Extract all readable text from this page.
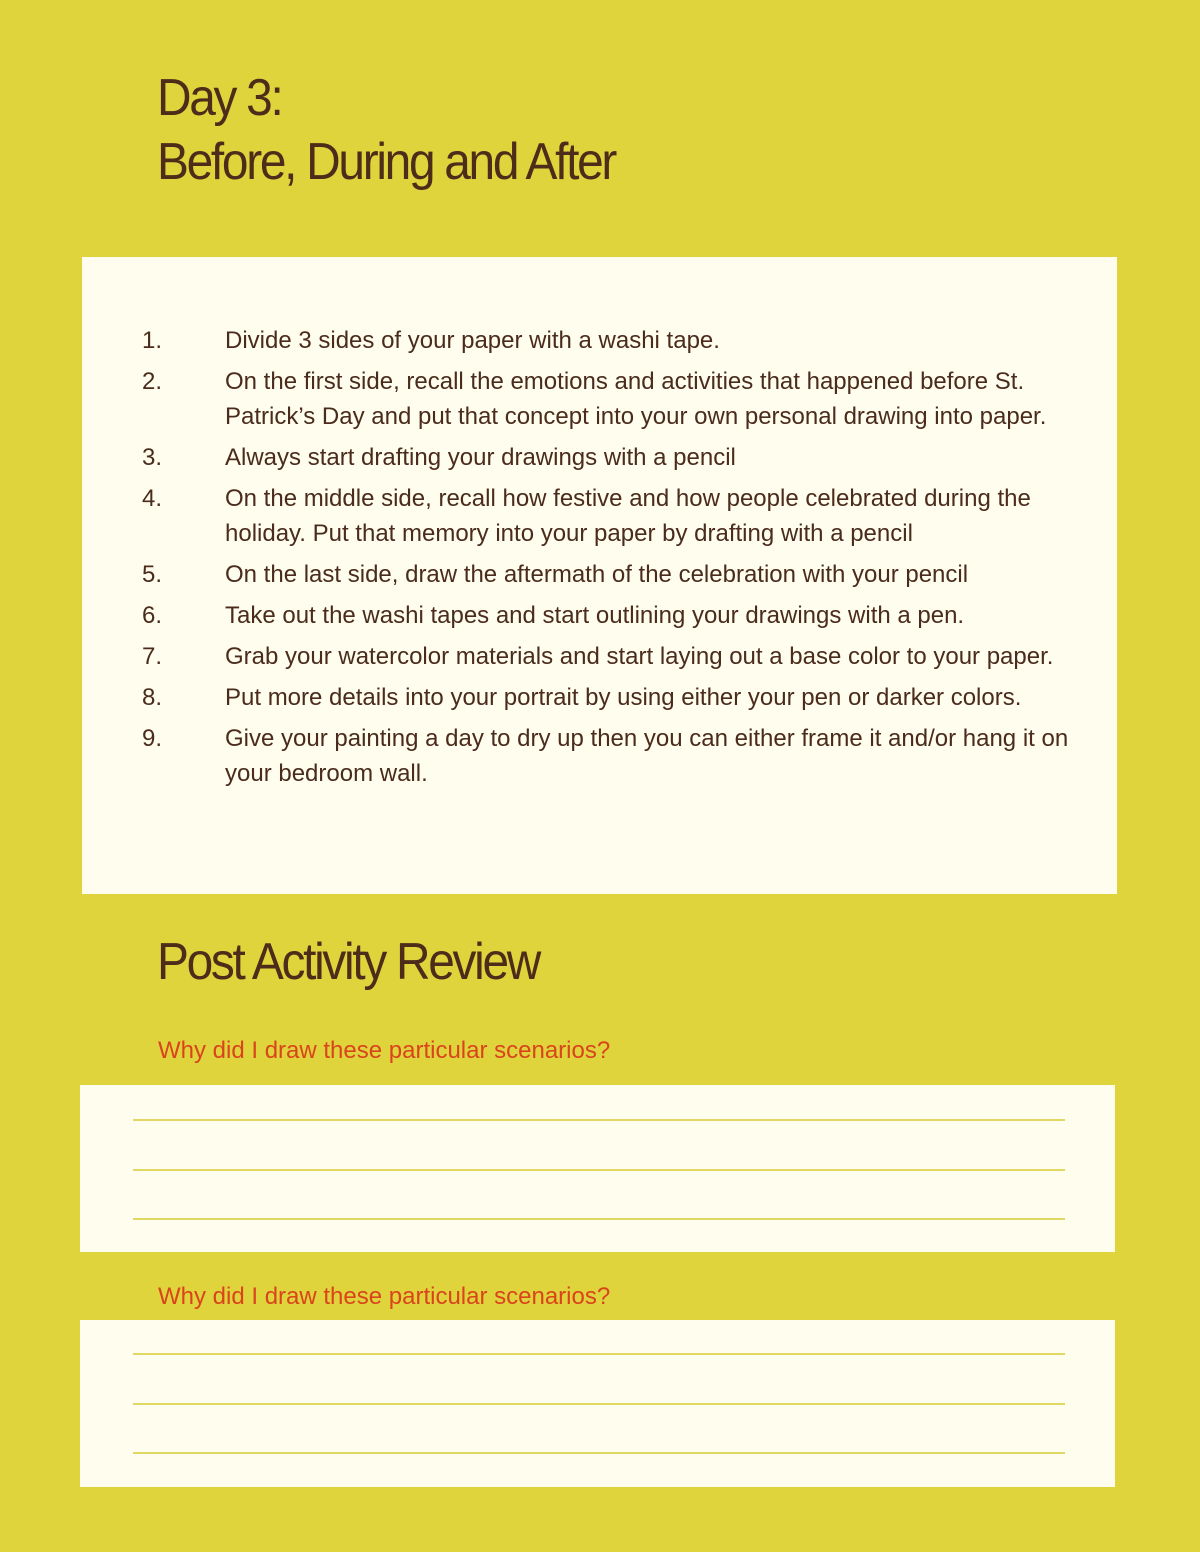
Day 3:
Before, During and After
1.	Divide 3 sides of your paper with a washi tape.
2.	On the first side, recall the emotions and activities that happened before St. Patrick’s Day and put that concept into your own personal drawing into paper.
3.	Always start drafting your drawings with a pencil
4.	On the middle side, recall how festive and how people celebrated during the holiday. Put that memory into your paper by drafting with a pencil
5.	On the last side, draw the aftermath of the celebration with your pencil
6.	Take out the washi tapes and start outlining your drawings with a pen.
7.	Grab your watercolor materials and start laying out a base color to your paper.
8.	Put more details into your portrait by using either your pen or darker colors.
9.	Give your painting a day to dry up then you can either frame it and/or hang it on your bedroom wall.
Post Activity Review
Why did I draw these particular scenarios?
Why did I draw these particular scenarios?
